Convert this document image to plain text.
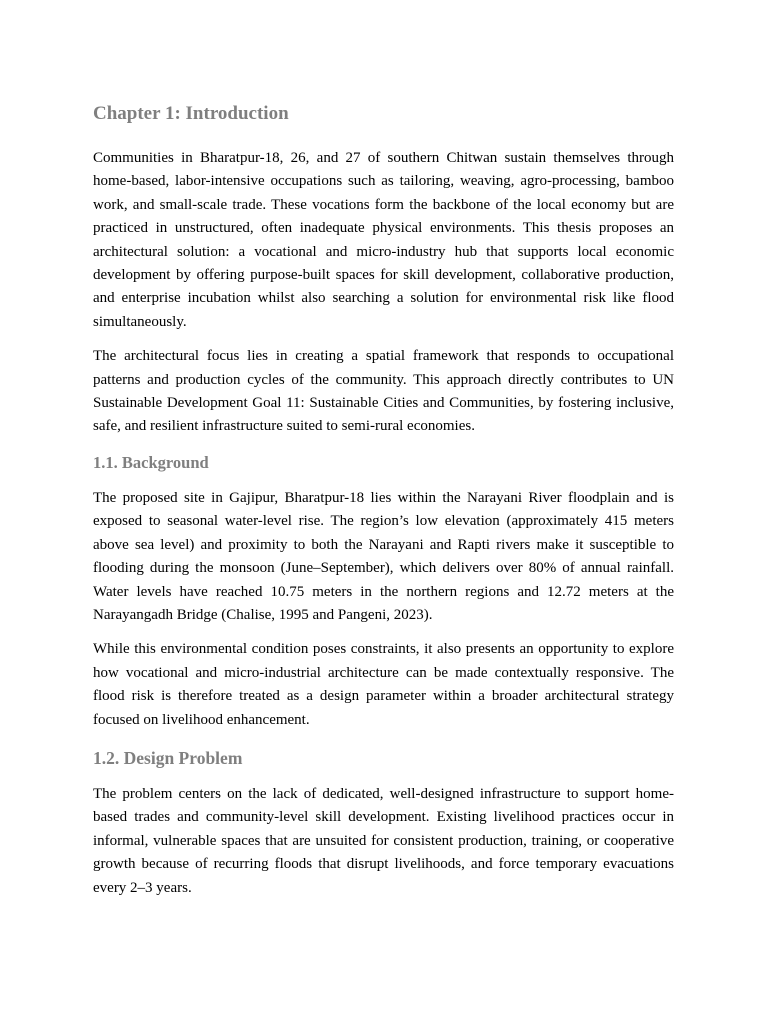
Chapter 1: Introduction

Communities in Bharatpur-18, 26, and 27 of southern Chitwan sustain themselves through home-based, labor-intensive occupations such as tailoring, weaving, agro-processing, bamboo work, and small-scale trade. These vocations form the backbone of the local economy but are practiced in unstructured, often inadequate physical environments. This thesis proposes an architectural solution: a vocational and micro-industry hub that supports local economic development by offering purpose-built spaces for skill development, collaborative production, and enterprise incubation whilst also searching a solution for environmental risk like flood simultaneously.

The architectural focus lies in creating a spatial framework that responds to occupational patterns and production cycles of the community. This approach directly contributes to UN Sustainable Development Goal 11: Sustainable Cities and Communities, by fostering inclusive, safe, and resilient infrastructure suited to semi-rural economies.

1.1. Background

The proposed site in Gajipur, Bharatpur-18 lies within the Narayani River floodplain and is exposed to seasonal water-level rise. The region’s low elevation (approximately 415 meters above sea level) and proximity to both the Narayani and Rapti rivers make it susceptible to flooding during the monsoon (June–September), which delivers over 80% of annual rainfall. Water levels have reached 10.75 meters in the northern regions and 12.72 meters at the Narayangadh Bridge (Chalise, 1995 and Pangeni, 2023).

While this environmental condition poses constraints, it also presents an opportunity to explore how vocational and micro-industrial architecture can be made contextually responsive. The flood risk is therefore treated as a design parameter within a broader architectural strategy focused on livelihood enhancement.

1.2. Design Problem

The problem centers on the lack of dedicated, well-designed infrastructure to support home-based trades and community-level skill development. Existing livelihood practices occur in informal, vulnerable spaces that are unsuited for consistent production, training, or cooperative growth because of recurring floods that disrupt livelihoods, and force temporary evacuations every 2–3 years.
